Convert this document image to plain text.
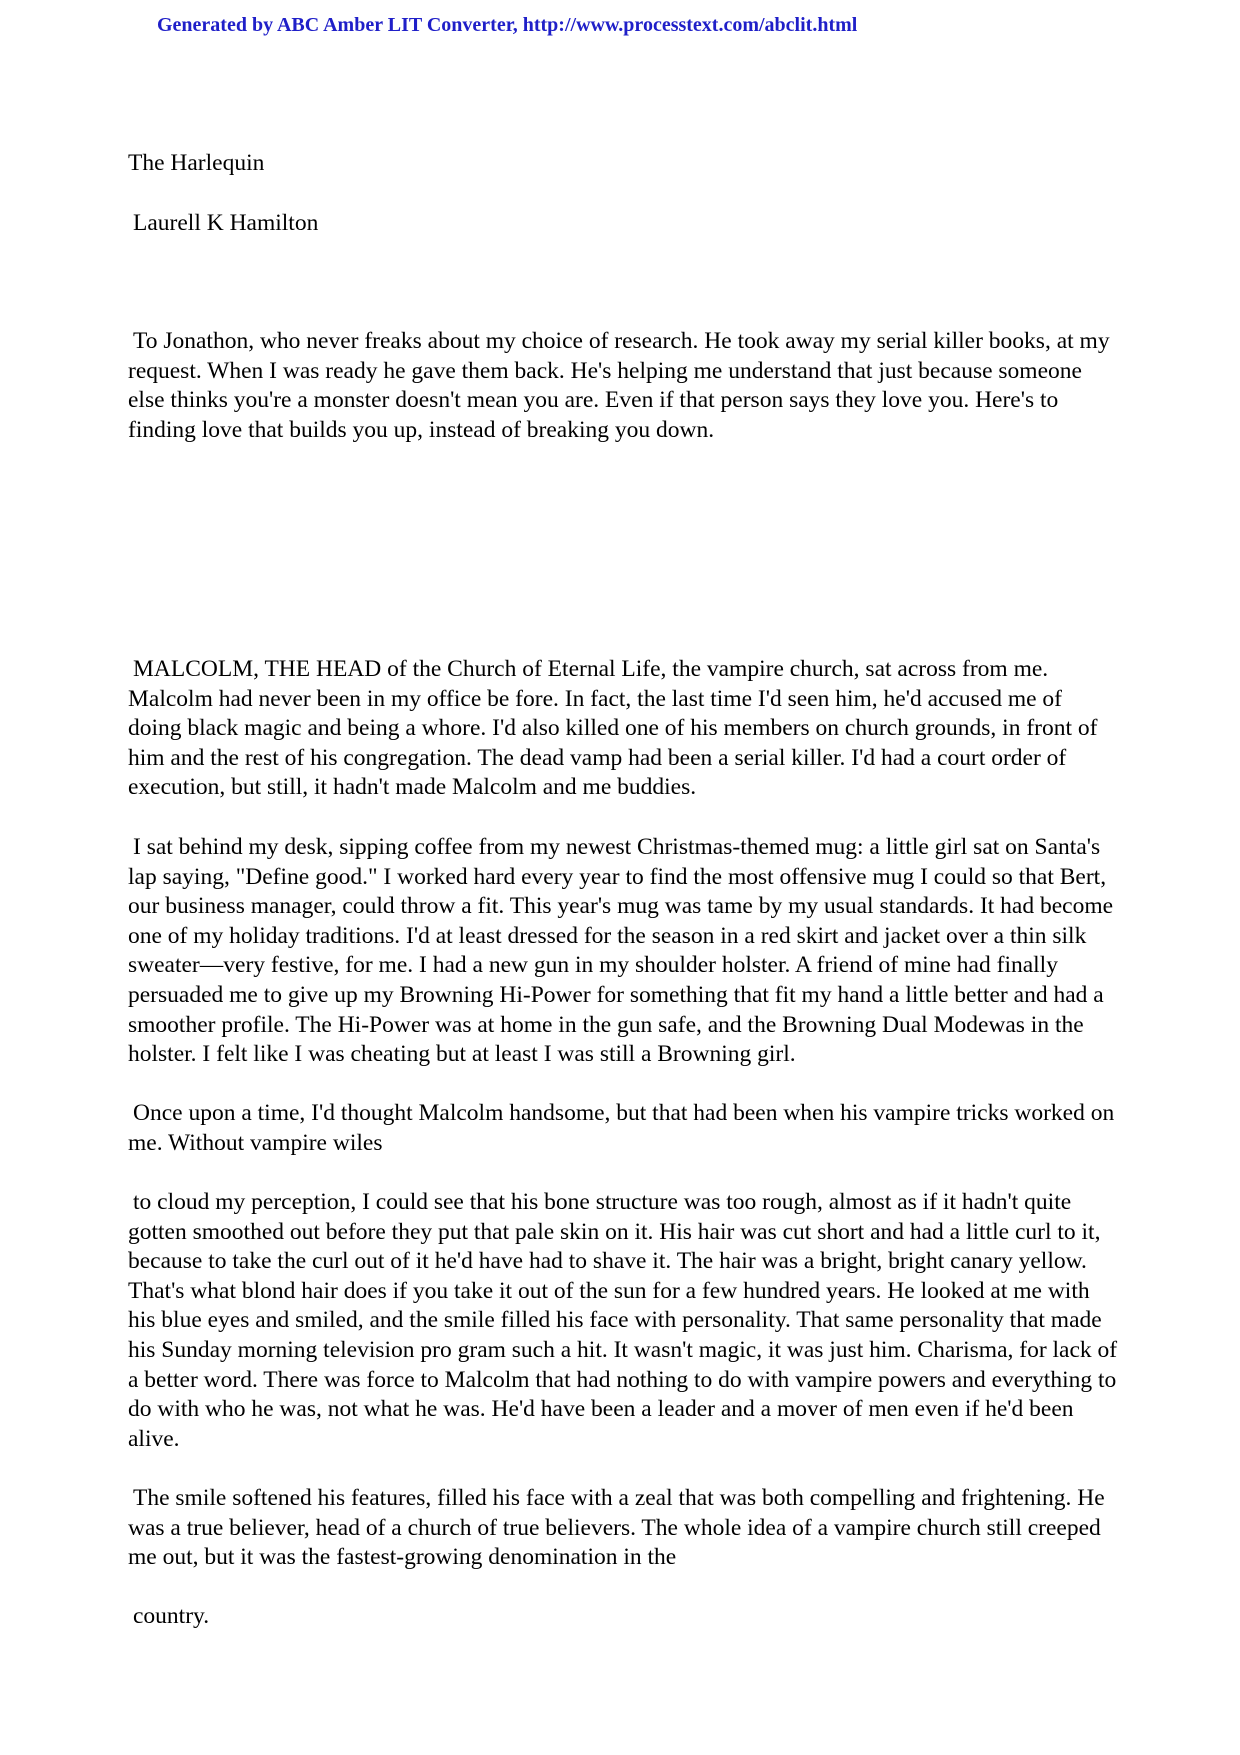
Generated by ABC Amber LIT Converter, http://www.processtext.com/abclit.html
The Harlequin
Laurell K Hamilton

To Jonathon, who never freaks about my choice of research. He took away my serial killer books, at my request. When I was ready he gave them back. He's helping me understand that just because someone else thinks you're a monster doesn't mean you are. Even if that person says they love you. Here's to finding love that builds you up, instead of breaking you down.

MALCOLM, THE HEAD of the Church of Eternal Life, the vampire church, sat across from me. Malcolm had never been in my office be fore. In fact, the last time I'd seen him, he'd accused me of doing black magic and being a whore. I'd also killed one of his members on church grounds, in front of him and the rest of his congregation. The dead vamp had been a serial killer. I'd had a court order of execution, but still, it hadn't made Malcolm and me buddies.

I sat behind my desk, sipping coffee from my newest Christmas-themed mug: a little girl sat on Santa's lap saying, "Define good." I worked hard every year to find the most offensive mug I could so that Bert, our business manager, could throw a fit. This year's mug was tame by my usual standards. It had become one of my holiday traditions. I'd at least dressed for the season in a red skirt and jacket over a thin silk sweater—very festive, for me. I had a new gun in my shoulder holster. A friend of mine had finally persuaded me to give up my Browning Hi-Power for something that fit my hand a little better and had a smoother profile. The Hi-Power was at home in the gun safe, and the Browning Dual Modewas in the holster. I felt like I was cheating but at least I was still a Browning girl.

Once upon a time, I'd thought Malcolm handsome, but that had been when his vampire tricks worked on me. Without vampire wiles

to cloud my perception, I could see that his bone structure was too rough, almost as if it hadn't quite gotten smoothed out before they put that pale skin on it. His hair was cut short and had a little curl to it, because to take the curl out of it he'd have had to shave it. The hair was a bright, bright canary yellow. That's what blond hair does if you take it out of the sun for a few hundred years. He looked at me with his blue eyes and smiled, and the smile filled his face with personality. That same personality that made his Sunday morning television pro gram such a hit. It wasn't magic, it was just him. Charisma, for lack of a better word. There was force to Malcolm that had nothing to do with vampire powers and everything to do with who he was, not what he was. He'd have been a leader and a mover of men even if he'd been alive.

The smile softened his features, filled his face with a zeal that was both compelling and frightening. He was a true believer, head of a church of true believers. The whole idea of a vampire church still creeped me out, but it was the fastest-growing denomination in the

country.
